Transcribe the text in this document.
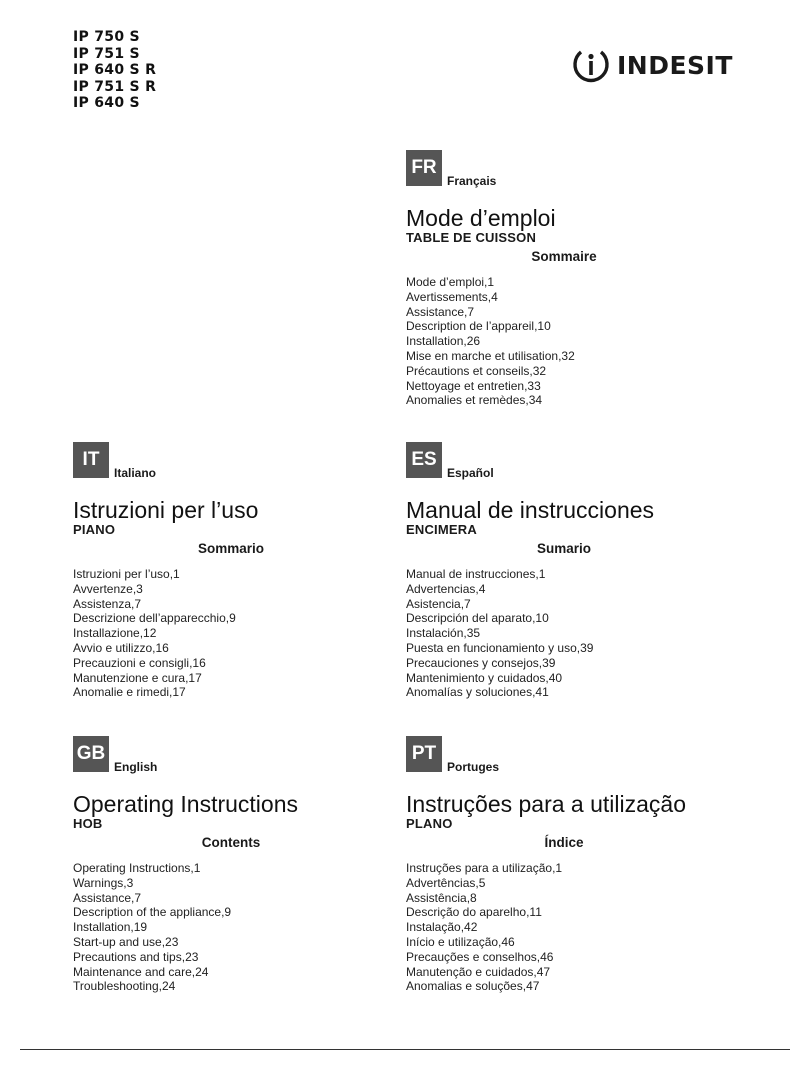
IP 750 S
IP 751 S
IP 640 S R
IP 751 S R
IP 640 S
INDESIT
FR
Français
Mode d’emploi
TABLE DE CUISSON
Sommaire
Mode d’emploi,1
Avertissements,4
Assistance,7
Description de l’appareil,10
Installation,26
Mise en marche et utilisation,32
Précautions et conseils,32
Nettoyage et entretien,33
Anomalies et remèdes,34
IT
Italiano
Istruzioni per l’uso
PIANO
Sommario
Istruzioni per l’uso,1
Avvertenze,3
Assistenza,7
Descrizione dell’apparecchio,9
Installazione,12
Avvio e utilizzo,16
Precauzioni e consigli,16
Manutenzione e cura,17
Anomalie e rimedi,17
ES
Español
Manual de instrucciones
ENCIMERA
Sumario
Manual de instrucciones,1
Advertencias,4
Asistencia,7
Descripción del aparato,10
Instalación,35
Puesta en funcionamiento y uso,39
Precauciones y consejos,39
Mantenimiento y cuidados,40
Anomalías y soluciones,41
GB
English
Operating Instructions
HOB
Contents
Operating Instructions,1
Warnings,3
Assistance,7
Description of the appliance,9
Installation,19
Start-up and use,23
Precautions and tips,23
Maintenance and care,24
Troubleshooting,24
PT
Portuges
Instruções para a utilização
PLANO
Índice
Instruções para a utilização,1
Advertências,5
Assistência,8
Descrição do aparelho,11
Instalação,42
Início e utilização,46
Precauções e conselhos,46
Manutenção e cuidados,47
Anomalias e soluções,47
